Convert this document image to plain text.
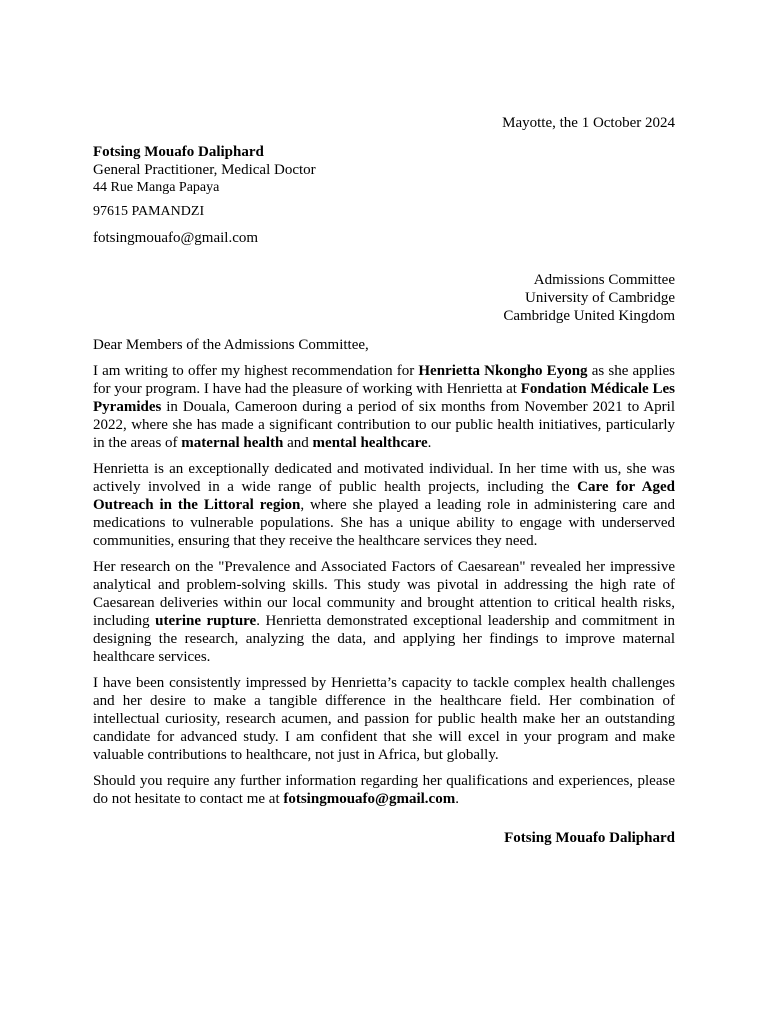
Mayotte, the 1 October 2024

Fotsing Mouafo Daliphard

General Practitioner, Medical Doctor

44 Rue Manga Papaya

97615 PAMANDZI

fotsingmouafo@gmail.com

Admissions Committee
University of Cambridge
Cambridge United Kingdom

Dear Members of the Admissions Committee,

I am writing to offer my highest recommendation for Henrietta Nkongho Eyong as she applies for your program. I have had the pleasure of working with Henrietta at Fondation Médicale Les Pyramides in Douala, Cameroon during a period of six months from November 2021 to April 2022, where she has made a significant contribution to our public health initiatives, particularly in the areas of maternal health and mental healthcare.

Henrietta is an exceptionally dedicated and motivated individual. In her time with us, she was actively involved in a wide range of public health projects, including the Care for Aged Outreach in the Littoral region, where she played a leading role in administering care and medications to vulnerable populations. She has a unique ability to engage with underserved communities, ensuring that they receive the healthcare services they need.

Her research on the "Prevalence and Associated Factors of Caesarean" revealed her impressive analytical and problem-solving skills. This study was pivotal in addressing the high rate of Caesarean deliveries within our local community and brought attention to critical health risks, including uterine rupture. Henrietta demonstrated exceptional leadership and commitment in designing the research, analyzing the data, and applying her findings to improve maternal healthcare services.

I have been consistently impressed by Henrietta’s capacity to tackle complex health challenges and her desire to make a tangible difference in the healthcare field. Her combination of intellectual curiosity, research acumen, and passion for public health make her an outstanding candidate for advanced study. I am confident that she will excel in your program and make valuable contributions to healthcare, not just in Africa, but globally.

Should you require any further information regarding her qualifications and experiences, please do not hesitate to contact me at fotsingmouafo@gmail.com.

Fotsing Mouafo Daliphard
